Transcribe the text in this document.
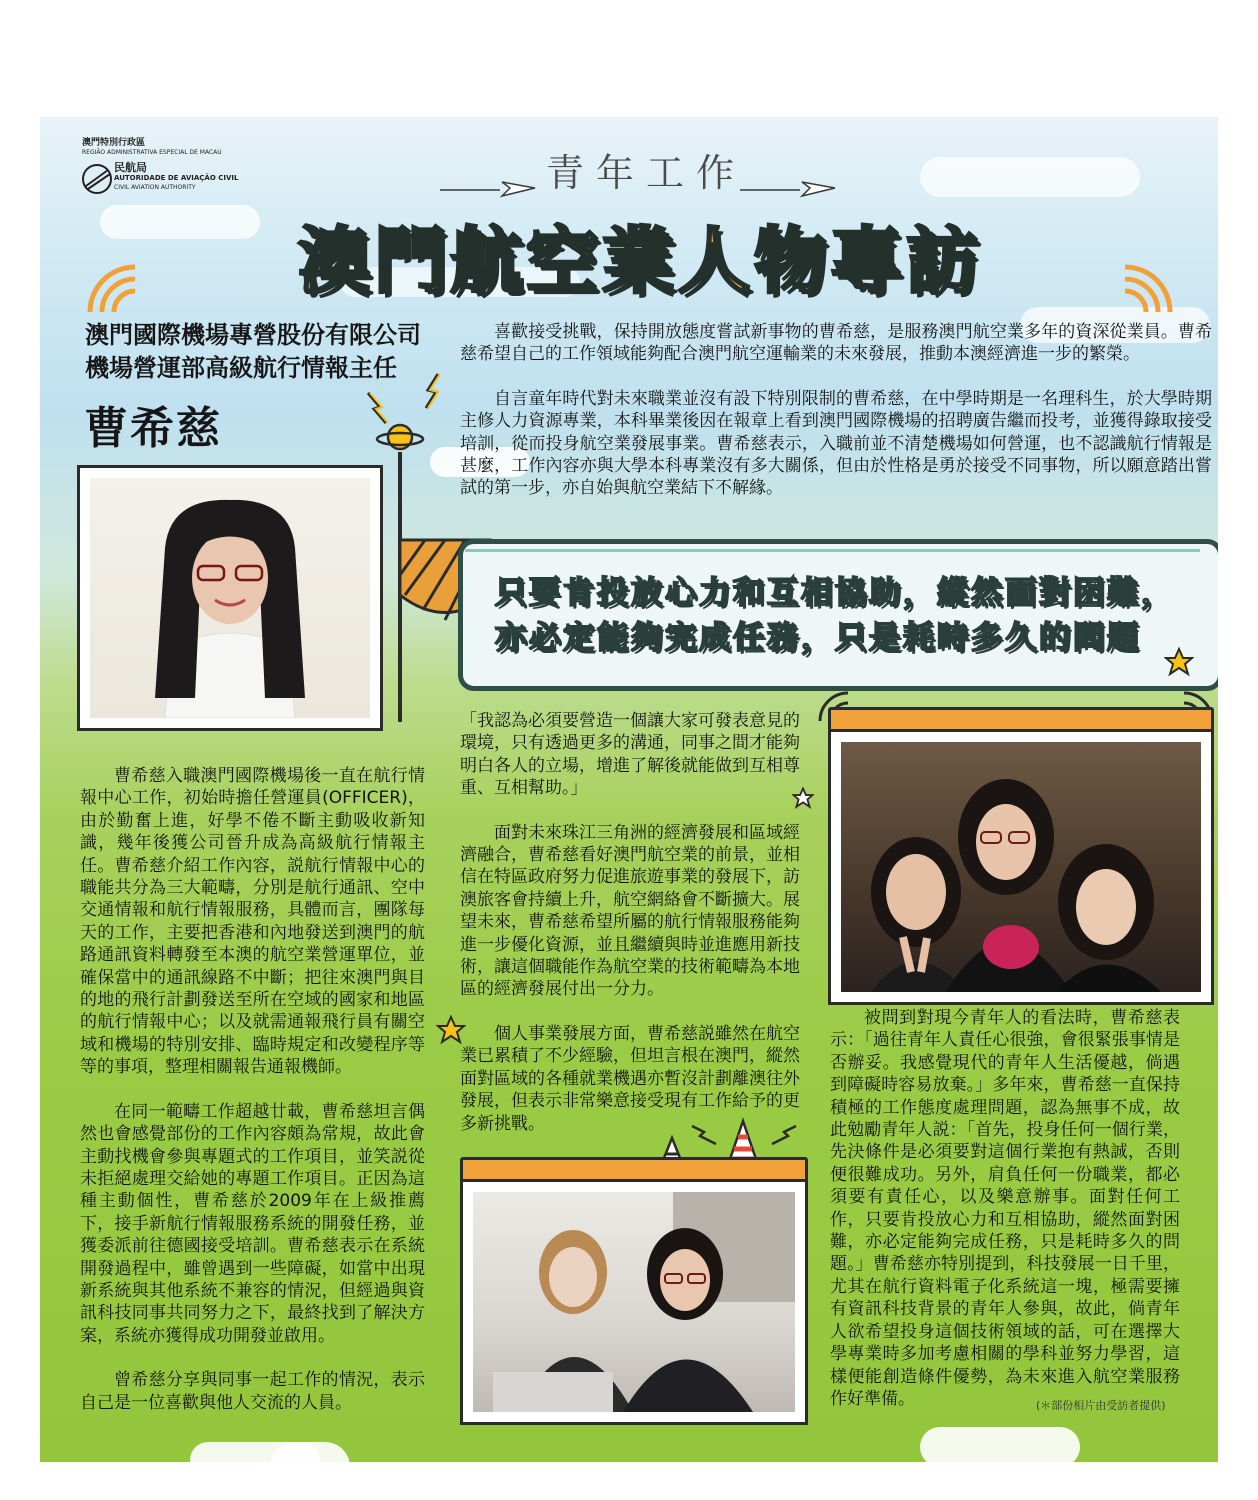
澳門特別行政區
REGIÃO ADMINISTRATIVA ESPECIAL DE MACAU
民航局
AUTORIDADE DE AVIAÇÃO CIVIL
CIVIL AVIATION AUTHORITY	青年工作
澳門航空業人物專訪
澳門國際機場專營股份有限公司
機場營運部高級航行情報主任
曹希慈

喜歡接受挑戰，保持開放態度嘗試新事物的曹希慈，是服務澳門航空業多年的資深從業員。曹希慈希望自己的工作領域能夠配合澳門航空運輸業的未來發展，推動本澳經濟進一步的繁榮。

自言童年時代對未來職業並沒有設下特別限制的曹希慈，在中學時期是一名理科生，於大學時期主修人力資源專業，本科畢業後因在報章上看到澳門國際機場的招聘廣告繼而投考，並獲得錄取接受培訓，從而投身航空業發展事業。曹希慈表示，入職前並不清楚機場如何營運，也不認識航行情報是甚麼，工作內容亦與大學本科專業沒有多大關係，但由於性格是勇於接受不同事物，所以願意踏出嘗試的第一步，亦自始與航空業結下不解緣。

只要肯投放心力和互相協助，縱然面對困難，
亦必定能夠完成任務，只是耗時多久的問題

曹希慈入職澳門國際機場後一直在航行情報中心工作，初始時擔任營運員(OFFICER)，由於勤奮上進，好學不倦不斷主動吸收新知識，幾年後獲公司晉升成為高級航行情報主任。曹希慈介紹工作內容，説航行情報中心的職能共分為三大範疇，分別是航行通訊、空中交通情報和航行情報服務，具體而言，團隊每天的工作，主要把香港和內地發送到澳門的航路通訊資料轉發至本澳的航空業營運單位，並確保當中的通訊線路不中斷；把往來澳門與目的地的飛行計劃發送至所在空域的國家和地區的航行情報中心；以及就需通報飛行員有關空域和機場的特別安排、臨時規定和改變程序等等的事項，整理相關報告通報機師。

在同一範疇工作超越廿載，曹希慈坦言偶然也會感覺部份的工作內容頗為常規，故此會主動找機會參與專題式的工作項目，並笑説從未拒絕處理交給她的專題工作項目。正因為這種主動個性，曹希慈於2009年在上級推薦下，接手新航行情報服務系統的開發任務，並獲委派前往德國接受培訓。曹希慈表示在系統開發過程中，雖曾遇到一些障礙，如當中出現新系統與其他系統不兼容的情況，但經過與資訊科技同事共同努力之下，最終找到了解決方案，系統亦獲得成功開發並啟用。

曾希慈分享與同事一起工作的情況，表示自己是一位喜歡與他人交流的人員。

「我認為必須要營造一個讓大家可發表意見的環境，只有透過更多的溝通，同事之間才能夠明白各人的立場，增進了解後就能做到互相尊重、互相幫助。」

面對未來珠江三角洲的經濟發展和區域經濟融合，曹希慈看好澳門航空業的前景，並相信在特區政府努力促進旅遊事業的發展下，訪澳旅客會持續上升，航空網絡會不斷擴大。展望未來，曹希慈希望所屬的航行情報服務能夠進一步優化資源，並且繼續與時並進應用新技術，讓這個職能作為航空業的技術範疇為本地區的經濟發展付出一分力。

個人事業發展方面，曹希慈説雖然在航空業已累積了不少經驗，但坦言根在澳門，縱然面對區域的各種就業機遇亦暫沒計劃離澳往外發展，但表示非常樂意接受現有工作給予的更多新挑戰。

被問到對現今青年人的看法時，曹希慈表示：「過往青年人責任心很強，會很緊張事情是否辦妥。我感覺現代的青年人生活優越，倘遇到障礙時容易放棄。」多年來，曹希慈一直保持積極的工作態度處理問題，認為無事不成，故此勉勵青年人説：「首先，投身任何一個行業，先決條件是必須要對這個行業抱有熱誠，否則便很難成功。另外，肩負任何一份職業，都必須要有責任心，以及樂意辦事。面對任何工作，只要肯投放心力和互相協助，縱然面對困難，亦必定能夠完成任務，只是耗時多久的問題。」曹希慈亦特別提到，科技發展一日千里，尤其在航行資料電子化系統這一塊，極需要擁有資訊科技背景的青年人參與，故此，倘青年人欲希望投身這個技術領域的話，可在選擇大學專業時多加考慮相關的學科並努力學習，這樣便能創造條件優勢，為未來進入航空業服務作好準備。	(＊部份相片由受訪者提供)
